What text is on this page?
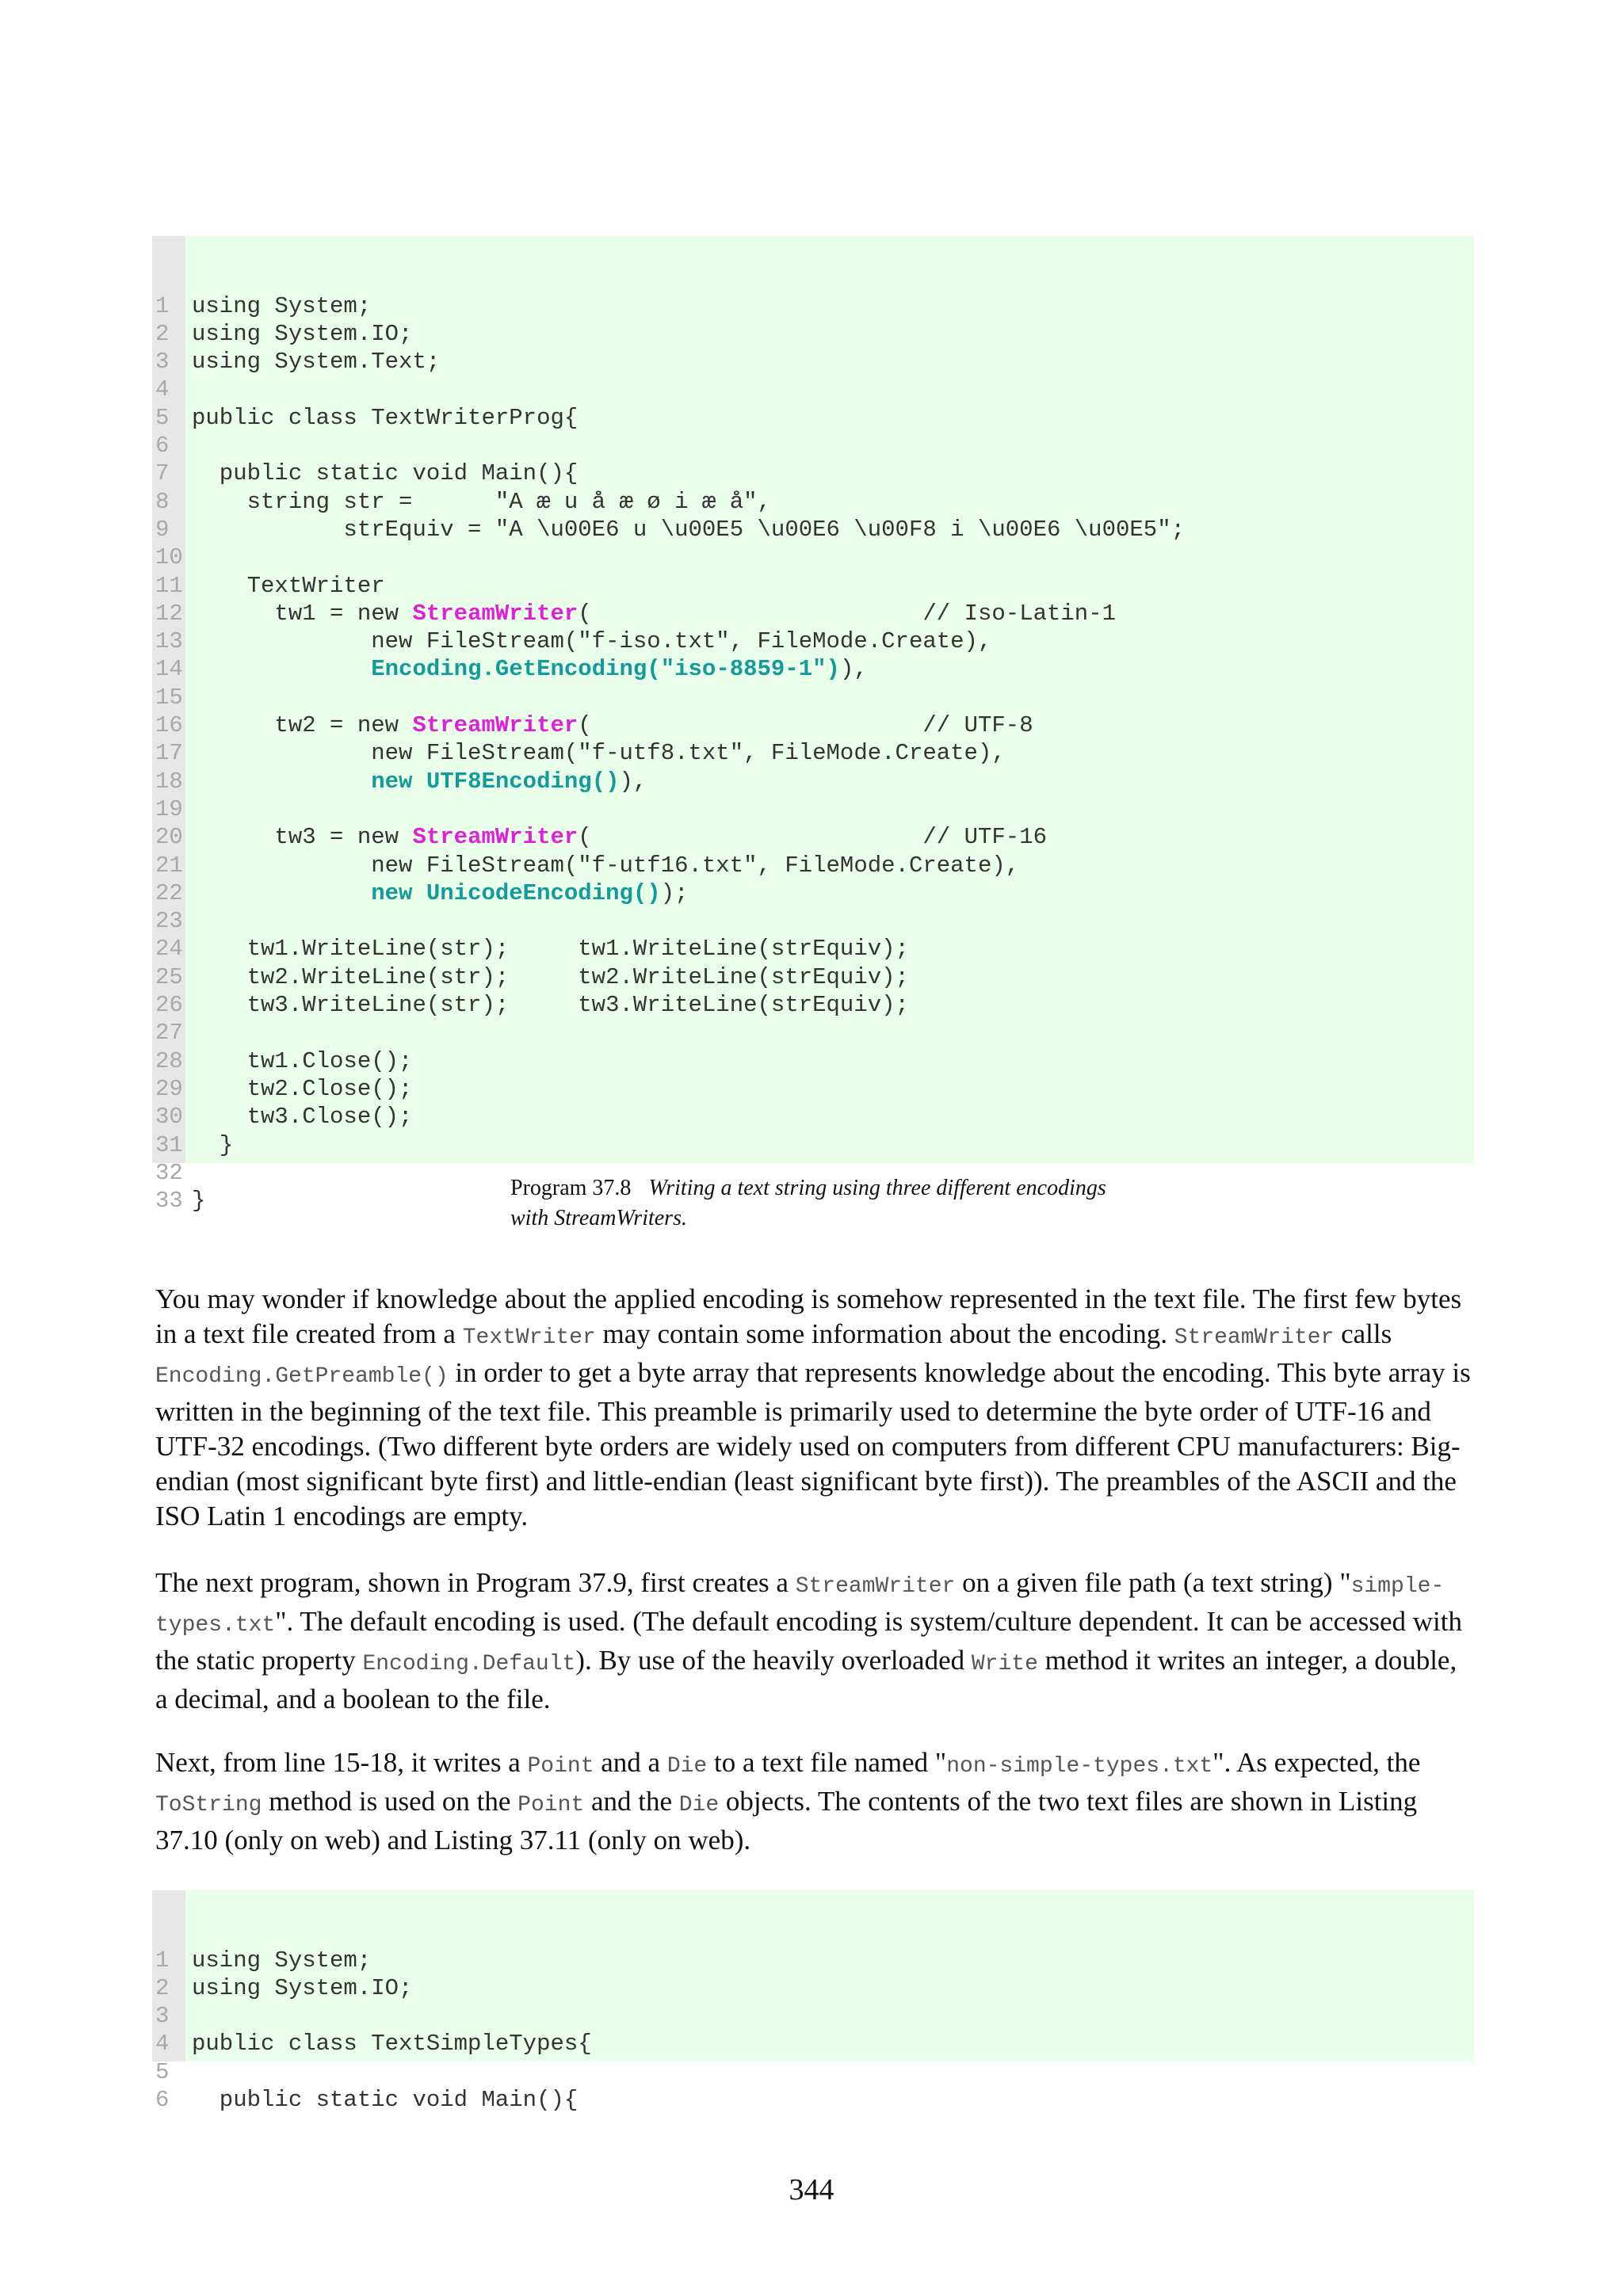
1 using System;
2 using System.IO;
3 using System.Text;
4
5 public class TextWriterProg{
6
7 public static void Main(){
8 string str =      "A æ u å æ ø i æ å",
9 strEquiv = "A \u00E6 u \u00E5 \u00E6 \u00F8 i \u00E6 \u00E5";
10
11 TextWriter
12 tw1 = new StreamWriter(                        // Iso-Latin-1
13 new FileStream("f-iso.txt", FileMode.Create),
14	Encoding.GetEncoding("iso-8859-1")),
15
16 tw2 = new StreamWriter(                        // UTF-8
17 new FileStream("f-utf8.txt", FileMode.Create),
18	new UTF8Encoding()),
19
20 tw3 = new StreamWriter(                        // UTF-16
21 new FileStream("f-utf16.txt", FileMode.Create),
22	new UnicodeEncoding());
23
24 tw1.WriteLine(str);     tw1.WriteLine(strEquiv);
25 tw2.WriteLine(str);     tw2.WriteLine(strEquiv);
26 tw3.WriteLine(str);     tw3.WriteLine(strEquiv);
27
28 tw1.Close();
29 tw2.Close();
30 tw3.Close();
31 }
32
33 }	Program 37.8 Writing a text string using three different encodings with StreamWriters.
You may wonder if knowledge about the applied encoding is somehow represented in the text file. The first few bytes in a text file created from a TextWriter may contain some information about the encoding. StreamWriter calls Encoding.GetPreamble() in order to get a byte array that represents knowledge about the encoding. This byte array is written in the beginning of the text file. This preamble is primarily used to determine the byte order of UTF-16 and UTF-32 encodings. (Two different byte orders are widely used on computers from different CPU manufacturers: Big-endian (most significant byte first) and little-endian (least significant byte first)). The preambles of the ASCII and the ISO Latin 1 encodings are empty.
The next program, shown in Program 37.9, first creates a StreamWriter on a given file path (a text string) "simple-types.txt". The default encoding is used. (The default encoding is system/culture dependent. It can be accessed with the static property Encoding.Default). By use of the heavily overloaded Write method it writes an integer, a double, a decimal, and a boolean to the file.
Next, from line 15-18, it writes a Point and a Die to a text file named "non-simple-types.txt". As expected, the ToString method is used on the Point and the Die objects. The contents of the two text files are shown in Listing 37.10 (only on web) and Listing 37.11 (only on web).

1 using System;
2 using System.IO;
3
4 public class TextSimpleTypes{
5
6 public static void Main(){
344
